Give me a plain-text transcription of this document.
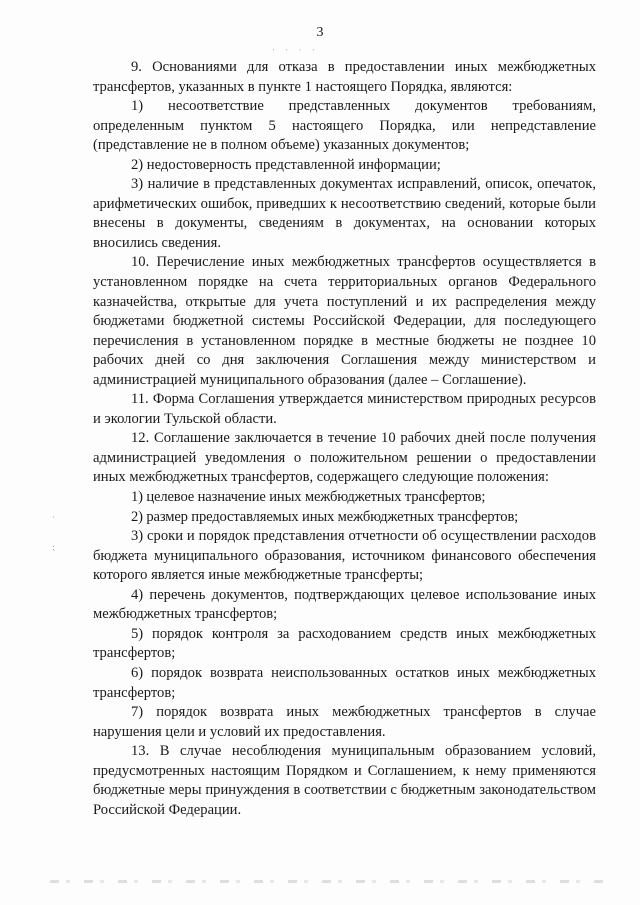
3
· · · ·
⁏
·

9. Основаниями для отказа в предоставлении иных межбюджетных трансфертов, указанных в пункте 1 настоящего Порядка, являются:

1) несоответствие представленных документов требованиям, определенным пунктом 5 настоящего Порядка, или непредставление (представление не в полном объеме) указанных документов;

2) недостоверность представленной информации;

3) наличие в представленных документах исправлений, описок, опечаток, арифметических ошибок, приведших к несоответствию сведений, которые были внесены в документы, сведениям в документах, на основании которых вносились сведения.

10. Перечисление иных межбюджетных трансфертов осуществляется в установленном порядке на счета территориальных органов Федерального казначейства, открытые для учета поступлений и их распределения между бюджетами бюджетной системы Российской Федерации, для последующего перечисления в установленном порядке в местные бюджеты не позднее 10 рабочих дней со дня заключения Соглашения между министерством и администрацией муниципального образования (далее – Соглашение).

11. Форма Соглашения утверждается министерством природных ресурсов и экологии Тульской области.

12. Соглашение заключается в течение 10 рабочих дней после получения администрацией уведомления о положительном решении о предоставлении иных межбюджетных трансфертов, содержащего следующие положения:

1) целевое назначение иных межбюджетных трансфертов;

2) размер предоставляемых иных межбюджетных трансфертов;

3) сроки и порядок представления отчетности об осуществлении расходов бюджета муниципального образования, источником финансового обеспечения которого является иные межбюджетные трансферты;

4) перечень документов, подтверждающих целевое использование иных межбюджетных трансфертов;

5) порядок контроля за расходованием средств иных межбюджетных трансфертов;

6) порядок возврата неиспользованных остатков иных межбюджетных трансфертов;

7) порядок возврата иных межбюджетных трансфертов в случае нарушения цели и условий их предоставления.

13. В случае несоблюдения муниципальным образованием условий, предусмотренных настоящим Порядком и Соглашением, к нему применяются бюджетные меры принуждения в соответствии с бюджетным законодательством Российской Федерации.
